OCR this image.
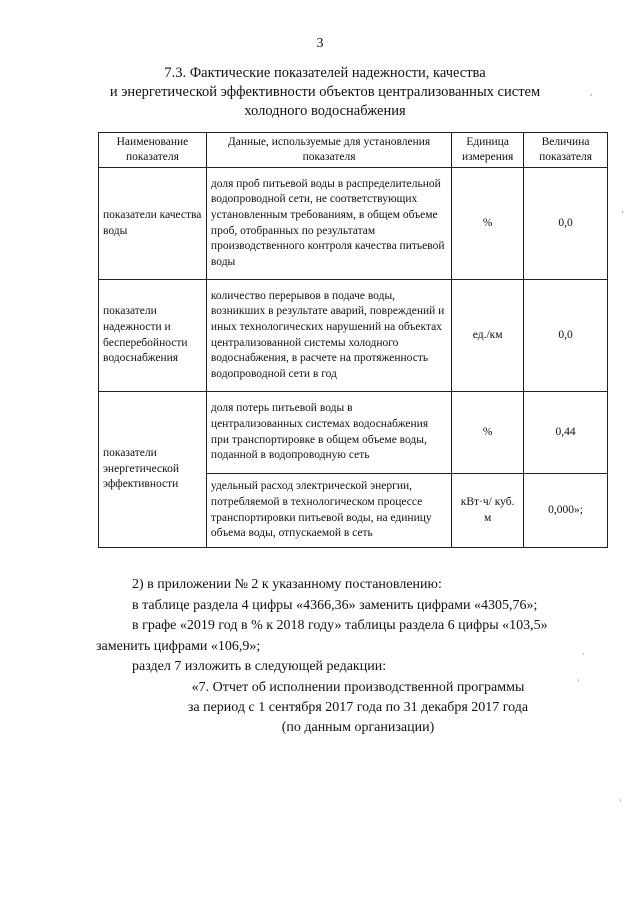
3
7.3. Фактические показателей надежности, качества
и энергетической эффективности объектов централизованных систем
холодного водоснабжения
Наименование показателя	Данные, используемые для установления показателя	Единица измерения	Величина показателя
показатели качества воды	доля проб питьевой воды в распределительной водопроводной сети, не соответствующих установленным требованиям, в общем объеме проб, отобранных по результатам производственного контроля качества питьевой воды	%	0,0
показатели надежности и бесперебойности водоснабжения	количество перерывов в подаче воды, возникших в результате аварий, повреждений и иных технологических нарушений на объектах централизованной системы холодного водоснабжения, в расчете на протяженность водопроводной сети в год	ед./км	0,0
показатели энергетической эффективности	доля потерь питьевой воды в централизованных системах водоснабжения при транспортировке в общем объеме воды, поданной в водопроводную сеть	%	0,44
	удельный расход электрической энергии, потребляемой в технологическом процессе транспортировки питьевой воды, на единицу объема воды, отпускаемой в сеть	кВт·ч/ куб. м	0,000»;

2) в приложении № 2 к указанному постановлению:

в таблице раздела 4 цифры «4366,36» заменить цифрами «4305,76»;

в графе «2019 год в % к 2018 году» таблицы раздела 6 цифры «103,5»

заменить цифрами «106,9»;

раздел 7 изложить в следующей редакции:

«7. Отчет об исполнении производственной программы
за период с 1 сентября 2017 года по 31 декабря 2017 года
(по данным организации)
,
'
·
'
'
